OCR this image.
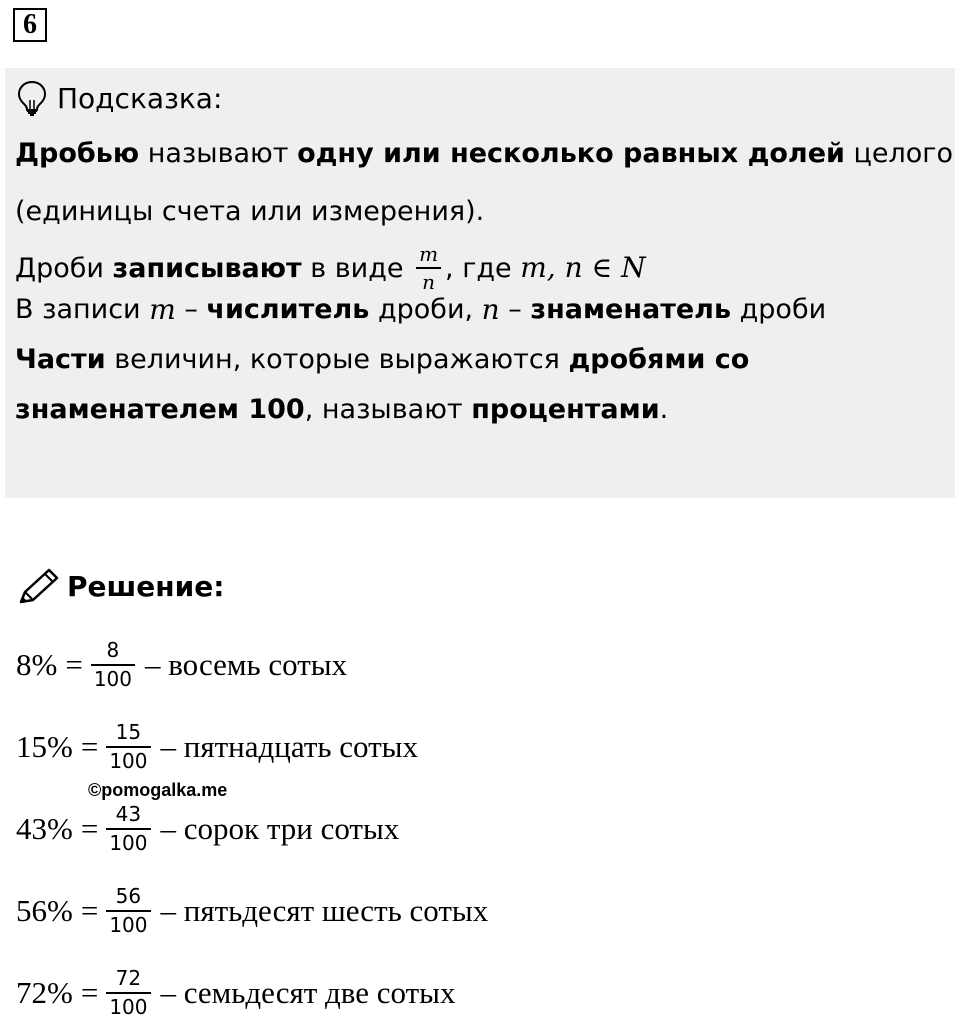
6
Подсказка:
Дробью называют одну или несколько равных долей целого
(единицы счета или измерения).
Дроби записывают в виде $\frac{m}{n}$ , где m, n ∈ N
В записи m – числитель дроби, n – знаменатель дроби
Части величин, которые выражаются дробями со
знаменателем 100 , называют процентами .
Решение:
8% = 8
100 – восемь сотых
15% = 15
100 – пятнадцать сотых
43% = 43
100 – сорок три сотых
56% = 56
100 – пятьдесят шесть сотых
72% = 72
100 – семьдесят две сотых
©pomogalka.me
